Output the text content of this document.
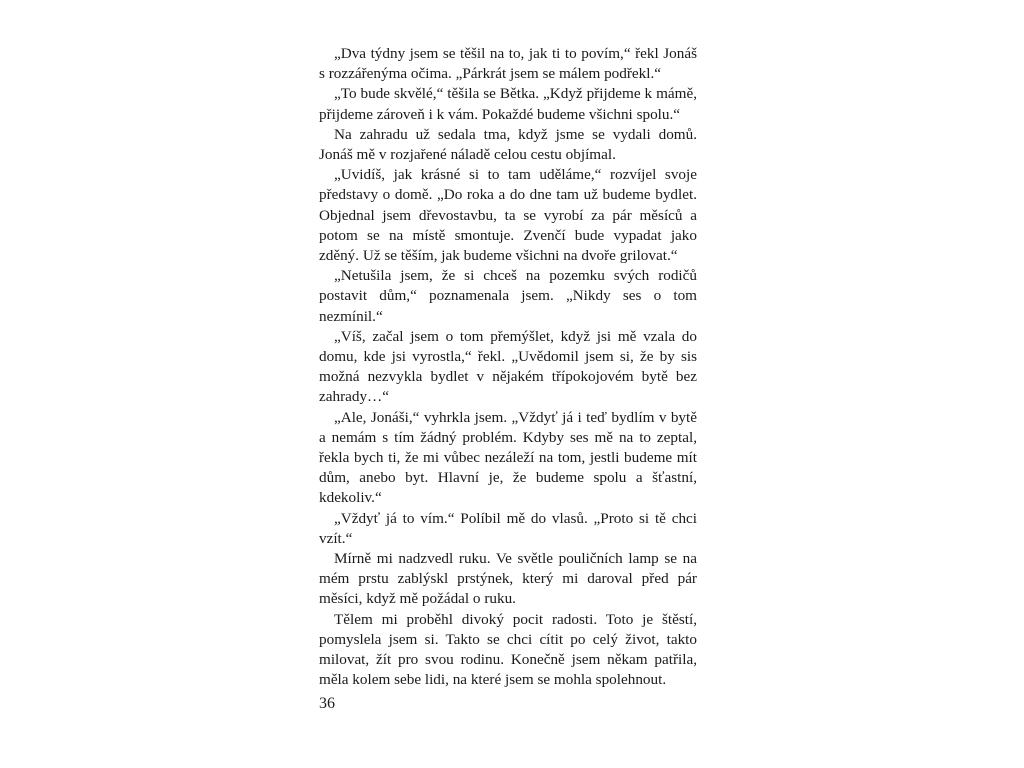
„Dva týdny jsem se těšil na to, jak ti to povím,“ řekl Jonáš s rozzářenýma očima. „Párkrát jsem se málem podřekl.“

„To bude skvělé,“ těšila se Bětka. „Když přijdeme k mámě, přijdeme zároveň i k vám. Pokaždé budeme všichni spolu.“

Na zahradu už sedala tma, když jsme se vydali domů. Jonáš mě v rozjařené náladě celou cestu objímal.

„Uvidíš, jak krásné si to tam uděláme,“ rozvíjel svoje představy o domě. „Do roka a do dne tam už budeme bydlet. Objednal jsem dřevostavbu, ta se vyrobí za pár měsíců a potom se na místě smontuje. Zvenčí bude vypadat jako zděný. Už se těším, jak budeme všichni na dvoře grilovat.“

„Netušila jsem, že si chceš na pozemku svých rodičů postavit dům,“ poznamenala jsem. „Nikdy ses o tom nezmínil.“

„Víš, začal jsem o tom přemýšlet, když jsi mě vzala do domu, kde jsi vyrostla,“ řekl. „Uvědomil jsem si, že by sis možná nezvykla bydlet v nějakém třípokojovém bytě bez zahrady…“

„Ale, Jonáši,“ vyhrkla jsem. „Vždyť já i teď bydlím v bytě a nemám s tím žádný problém. Kdyby ses mě na to zeptal, řekla bych ti, že mi vůbec nezáleží na tom, jestli budeme mít dům, anebo byt. Hlavní je, že budeme spolu a šťastní, kdekoliv.“

„Vždyť já to vím.“ Políbil mě do vlasů. „Proto si tě chci vzít.“

Mírně mi nadzvedl ruku. Ve světle pouličních lamp se na mém prstu zablýskl prstýnek, který mi daroval před pár měsíci, když mě požádal o ruku.

Tělem mi proběhl divoký pocit radosti. Toto je štěstí, pomyslela jsem si. Takto se chci cítit po celý život, takto milovat, žít pro svou rodinu. Konečně jsem někam patřila, měla kolem sebe lidi, na které jsem se mohla spolehnout.

36
